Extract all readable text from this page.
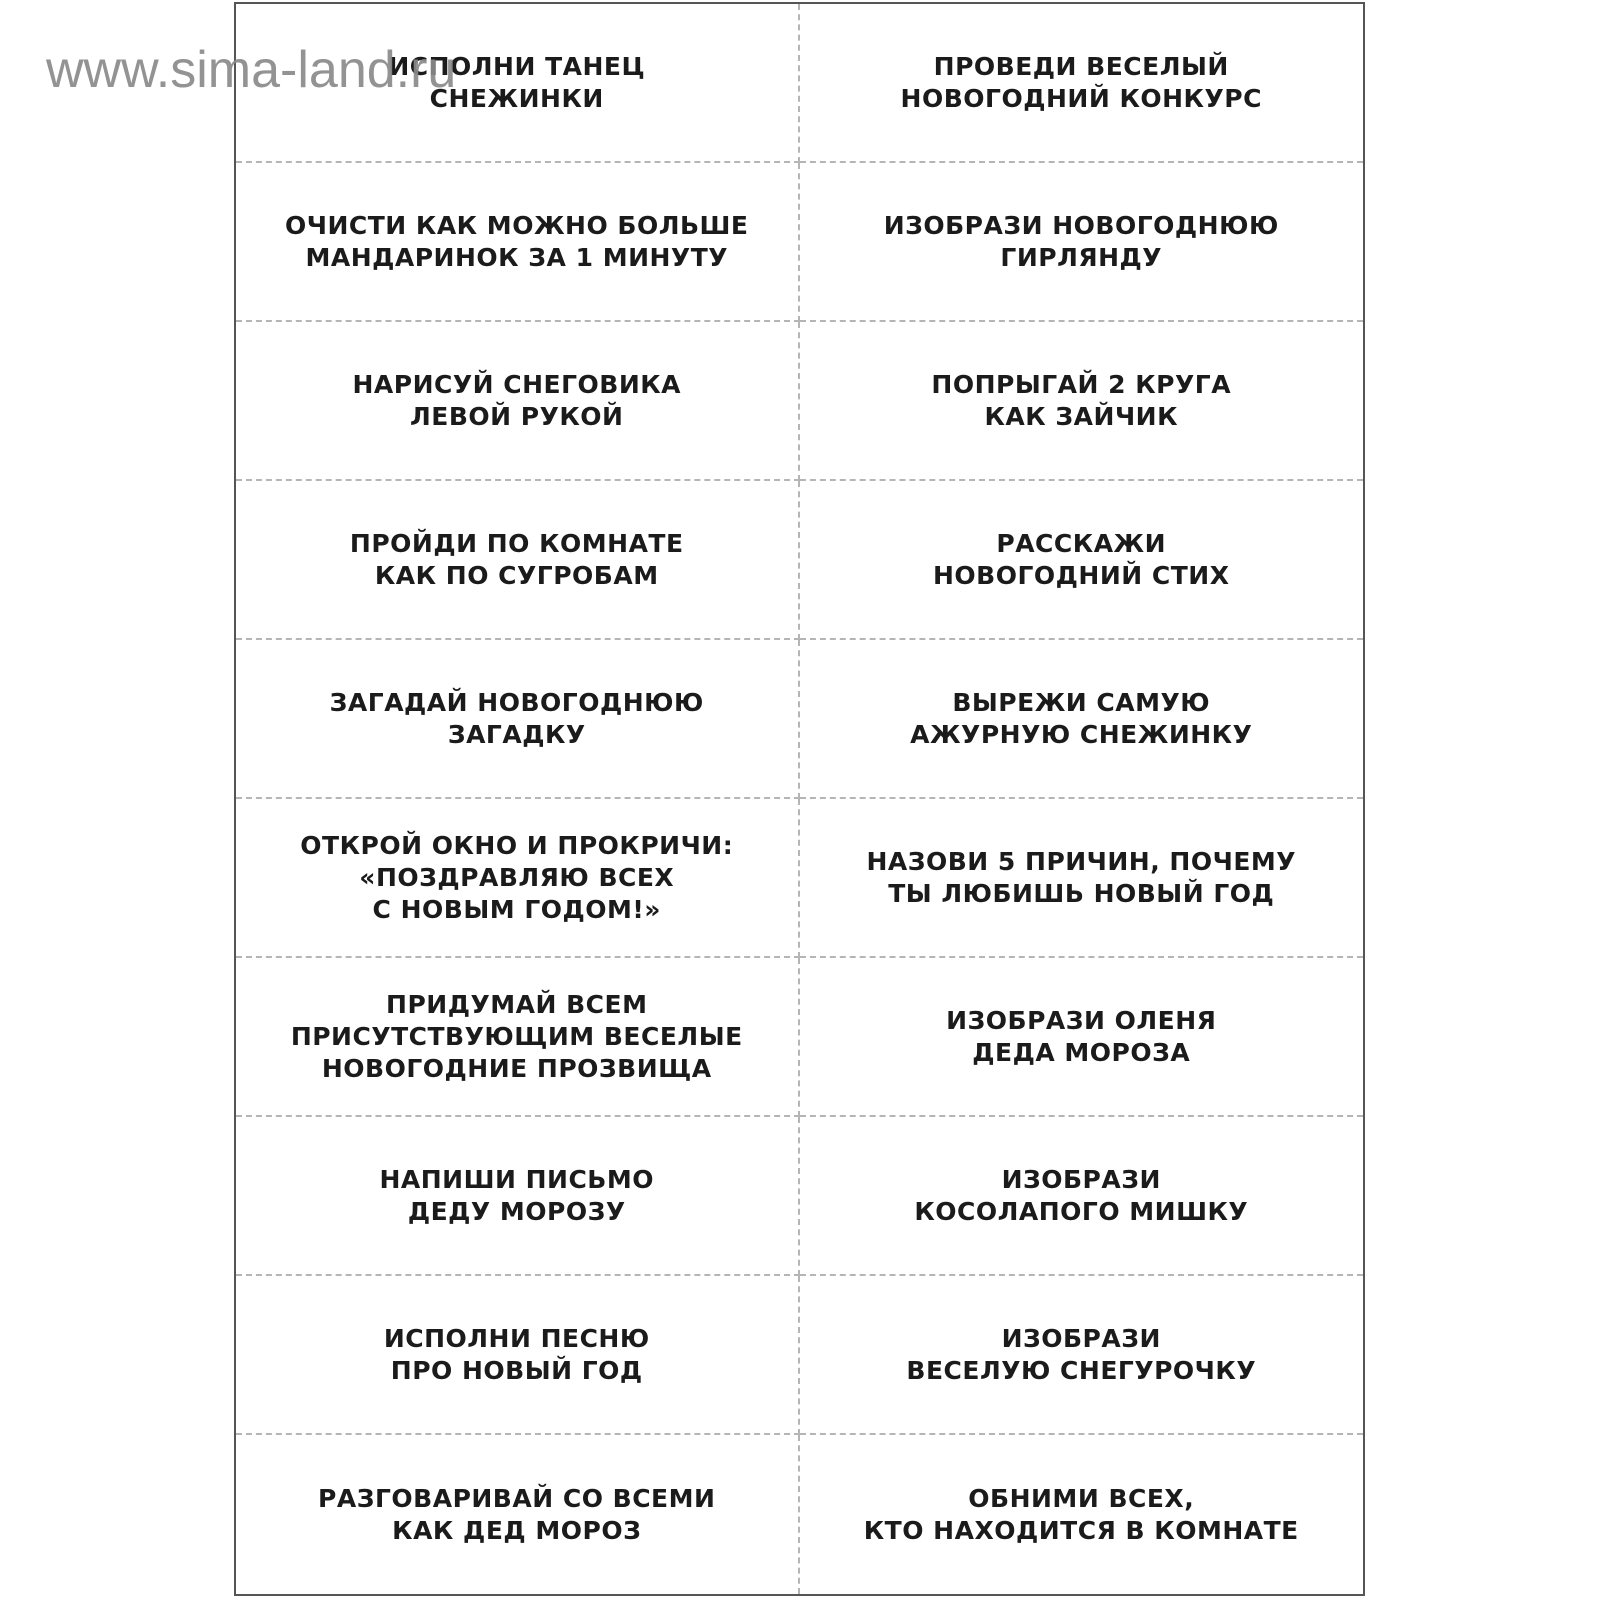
www.sima-land.ru
ИСПОЛНИ ТАНЕЦ
СНЕЖИНКИ
ПРОВЕДИ ВЕСЕЛЫЙ
НОВОГОДНИЙ КОНКУРС
ОЧИСТИ КАК МОЖНО БОЛЬШЕ
МАНДАРИНОК ЗА 1 МИНУТУ
ИЗОБРАЗИ НОВОГОДНЮЮ
ГИРЛЯНДУ
НАРИСУЙ СНЕГОВИКА
ЛЕВОЙ РУКОЙ
ПОПРЫГАЙ 2 КРУГА
КАК ЗАЙЧИК
ПРОЙДИ ПО КОМНАТЕ
КАК ПО СУГРОБАМ
РАССКАЖИ
НОВОГОДНИЙ СТИХ
ЗАГАДАЙ НОВОГОДНЮЮ
ЗАГАДКУ
ВЫРЕЖИ САМУЮ
АЖУРНУЮ СНЕЖИНКУ
ОТКРОЙ ОКНО И ПРОКРИЧИ:
«ПОЗДРАВЛЯЮ ВСЕХ
С НОВЫМ ГОДОМ!»
НАЗОВИ 5 ПРИЧИН, ПОЧЕМУ
ТЫ ЛЮБИШЬ НОВЫЙ ГОД
ПРИДУМАЙ ВСЕМ
ПРИСУТСТВУЮЩИМ ВЕСЕЛЫЕ
НОВОГОДНИЕ ПРОЗВИЩА
ИЗОБРАЗИ ОЛЕНЯ
ДЕДА МОРОЗА
НАПИШИ ПИСЬМО
ДЕДУ МОРОЗУ
ИЗОБРАЗИ
КОСОЛАПОГО МИШКУ
ИСПОЛНИ ПЕСНЮ
ПРО НОВЫЙ ГОД
ИЗОБРАЗИ
ВЕСЕЛУЮ СНЕГУРОЧКУ
РАЗГОВАРИВАЙ СО ВСЕМИ
КАК ДЕД МОРОЗ
ОБНИМИ ВСЕХ,
КТО НАХОДИТСЯ В КОМНАТЕ
